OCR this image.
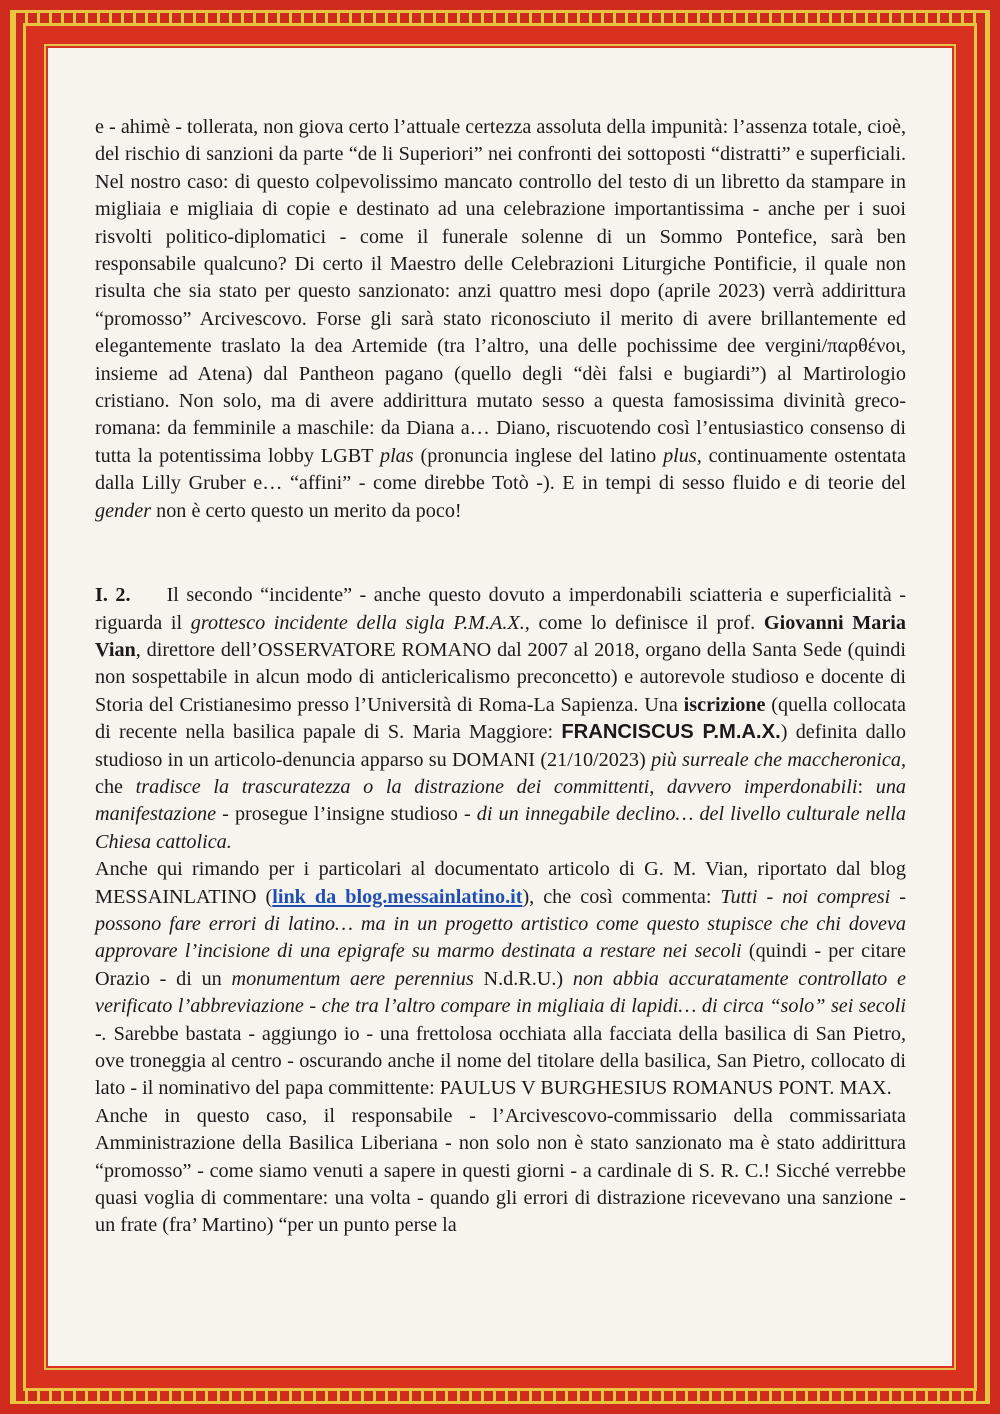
e - ahimè - tollerata, non giova certo l’attuale certezza assoluta della impunità: l’assenza totale, cioè, del rischio di sanzioni da parte “de li Superiori” nei confronti dei sottoposti “distratti” e superficiali. Nel nostro caso: di questo colpevolissimo mancato controllo del testo di un libretto da stampare in migliaia e migliaia di copie e destinato ad una celebrazione importantissima - anche per i suoi risvolti politico-diplomatici - come il funerale solenne di un Sommo Pontefice, sarà ben responsabile qualcuno? Di certo il Maestro delle Celebrazioni Liturgiche Pontificie, il quale non risulta che sia stato per questo sanzionato: anzi quattro mesi dopo (aprile 2023) verrà addirittura “promosso” Arcivescovo. Forse gli sarà stato riconosciuto il merito di avere brillantemente ed elegantemente traslato la dea Artemide (tra l’altro, una delle pochissime dee vergini/παρθένοι, insieme ad Atena) dal Pantheon pagano (quello degli “dèi falsi e bugiardi”) al Martirologio cristiano. Non solo, ma di avere addirittura mutato sesso a questa famosissima divinità greco-romana: da femminile a maschile: da Diana a… Diano, riscuotendo così l’entusiastico consenso di tutta la potentissima lobby LGBT plas (pronuncia inglese del latino plus, continuamente ostentata dalla Lilly Gruber e… “affini” - come direbbe Totò -). E in tempi di sesso fluido e di teorie del gender non è certo questo un merito da poco!

I. 2. Il secondo “incidente” - anche questo dovuto a imperdonabili sciatteria e superficialità - riguarda il grottesco incidente della sigla P.M.A.X., come lo definisce il prof. Giovanni Maria Vian, direttore dell’OSSERVATORE ROMANO dal 2007 al 2018, organo della Santa Sede (quindi non sospettabile in alcun modo di anticlericalismo preconcetto) e autorevole studioso e docente di Storia del Cristianesimo presso l’Università di Roma-La Sapienza. Una iscrizione (quella collocata di recente nella basilica papale di S. Maria Maggiore: FRANCISCUS P.M.A.X.) definita dallo studioso in un articolo-denuncia apparso su DOMANI (21/10/2023) più surreale che maccheronica, che tradisce la trascuratezza o la distrazione dei committenti, davvero imperdonabili: una manifestazione - prosegue l’insigne studioso - di un innegabile declino… del livello culturale nella Chiesa cattolica.

Anche qui rimando per i particolari al documentato articolo di G. M. Vian, riportato dal blog MESSAINLATINO (link da blog.messainlatino.it), che così commenta: Tutti - noi compresi - possono fare errori di latino… ma in un progetto artistico come questo stupisce che chi doveva approvare l’incisione di una epigrafe su marmo destinata a restare nei secoli (quindi - per citare Orazio - di un monumentum aere perennius N.d.R.U.) non abbia accuratamente controllato e verificato l’abbreviazione - che tra l’altro compare in migliaia di lapidi… di circa “solo” sei secoli -. Sarebbe bastata - aggiungo io - una frettolosa occhiata alla facciata della basilica di San Pietro, ove troneggia al centro - oscurando anche il nome del titolare della basilica, San Pietro, collocato di lato - il nominativo del papa committente: PAULUS V BURGHESIUS ROMANUS PONT. MAX.

Anche in questo caso, il responsabile - l’Arcivescovo-commissario della commissariata Amministrazione della Basilica Liberiana - non solo non è stato sanzionato ma è stato addirittura “promosso” - come siamo venuti a sapere in questi giorni - a cardinale di S. R. C.! Sicché verrebbe quasi voglia di commentare: una volta - quando gli errori di distrazione ricevevano una sanzione - un frate (fra’ Martino) “per un punto perse la
